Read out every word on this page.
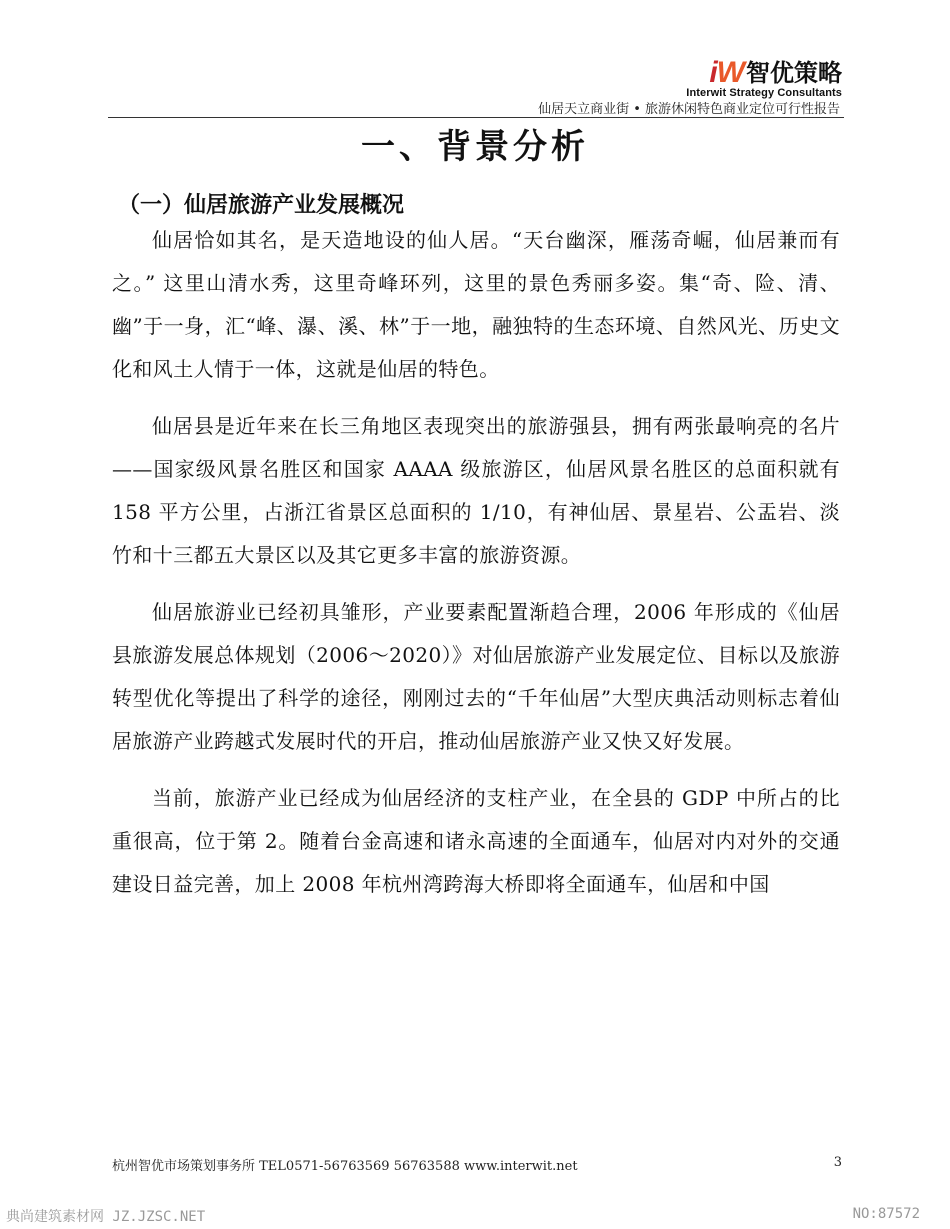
iW 智优策略
Interwit Strategy Consultants
仙居天立商业街 • 旅游休闲特色商业定位可行性报告
一、背景分析
（一）仙居旅游产业发展概况

仙居恰如其名，是天造地设的仙人居。“天台幽深，雁荡奇崛，仙居兼而有之。” 这里山清水秀，这里奇峰环列，这里的景色秀丽多姿。集“奇、险、清、幽”于一身，汇“峰、瀑、溪、林”于一地，融独特的生态环境、自然风光、历史文化和风土人情于一体，这就是仙居的特色。

仙居县是近年来在长三角地区表现突出的旅游强县，拥有两张最响亮的名片——国家级风景名胜区和国家 AAAA 级旅游区，仙居风景名胜区的总面积就有 158 平方公里，占浙江省景区总面积的 1/10，有神仙居、景星岩、公盂岩、淡竹和十三都五大景区以及其它更多丰富的旅游资源。

仙居旅游业已经初具雏形，产业要素配置渐趋合理，2006 年形成的《仙居县旅游发展总体规划（2006～2020）》对仙居旅游产业发展定位、目标以及旅游转型优化等提出了科学的途径，刚刚过去的“千年仙居”大型庆典活动则标志着仙居旅游产业跨越式发展时代的开启，推动仙居旅游产业又快又好发展。

当前，旅游产业已经成为仙居经济的支柱产业，在全县的 GDP 中所占的比重很高，位于第 2。随着台金高速和诸永高速的全面通车，仙居对内对外的交通建设日益完善，加上 2008 年杭州湾跨海大桥即将全面通车，仙居和中国

杭州智优市场策划事务所 TEL0571-56763569 56763588 www.interwit.net	3
典尚建筑素材网 JZ.JZSC.NET	NO:87572
